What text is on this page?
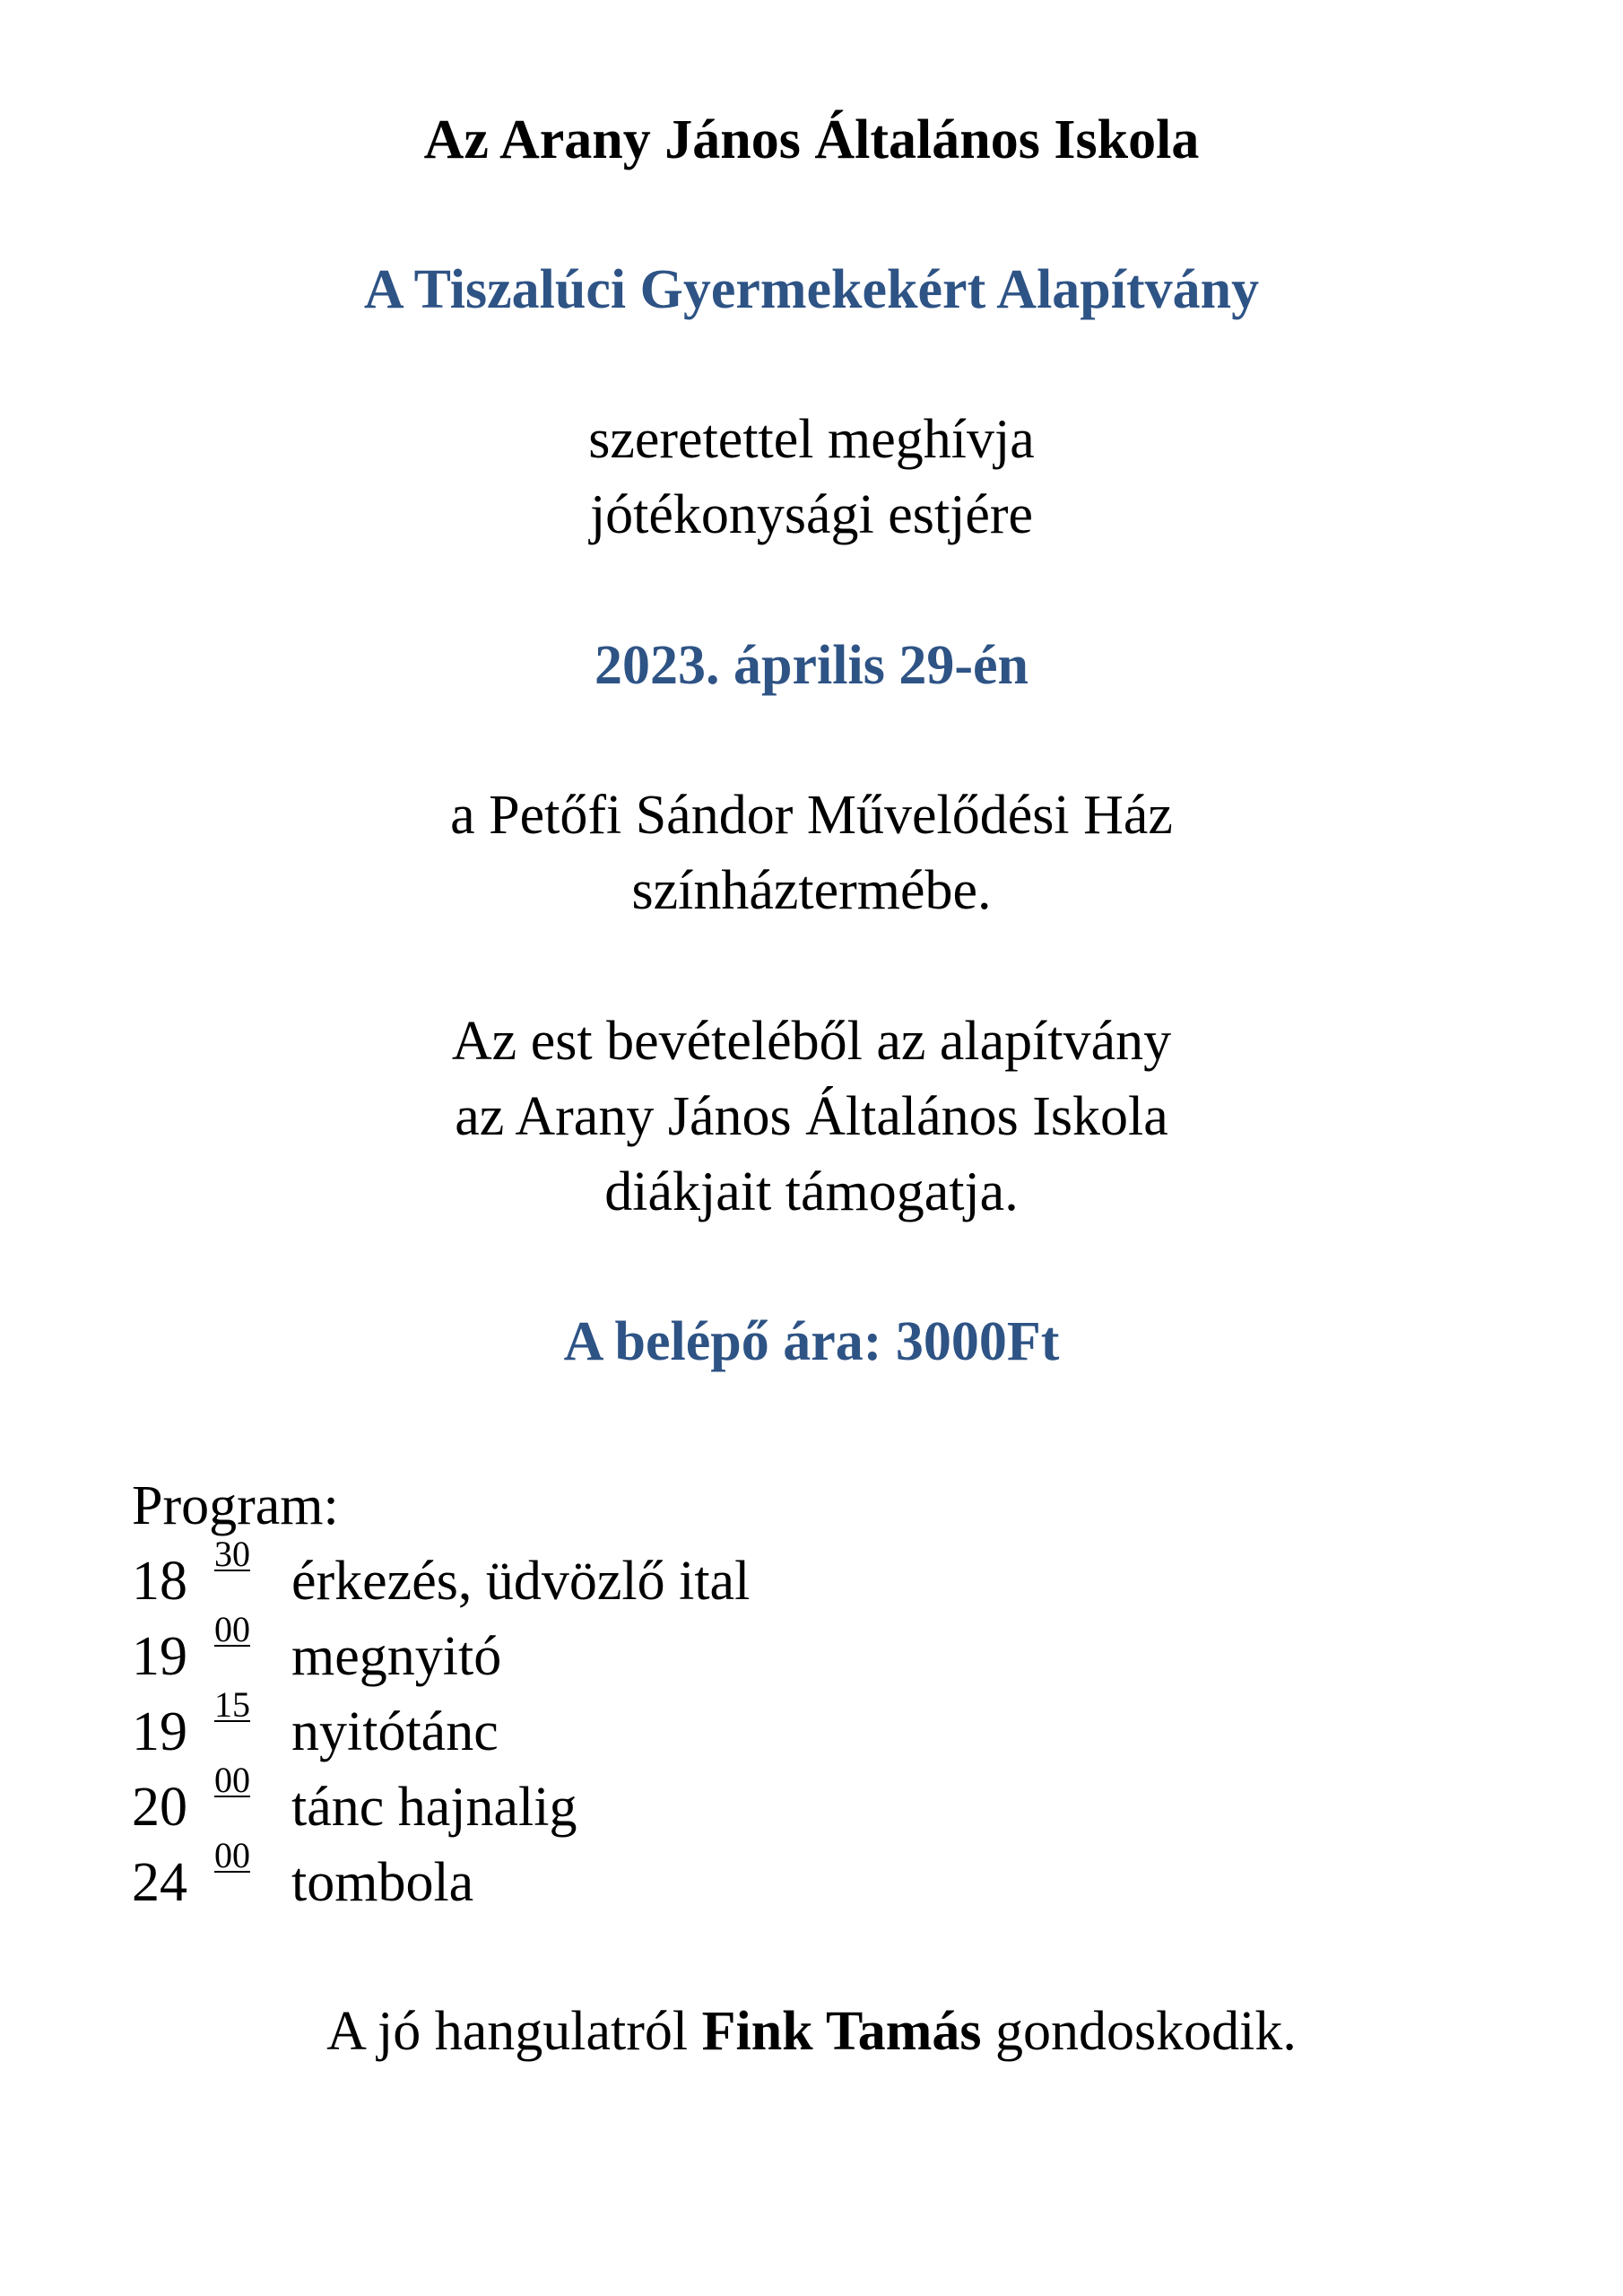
Az Arany János Általános Iskola
A Tiszalúci Gyermekekért Alapítvány
szeretettel meghívja
jótékonysági estjére
2023. április 29-én
a Petőfi Sándor Művelődési Ház
színháztermébe.
Az est bevételéből az alapítvány
az Arany János Általános Iskola
diákjait támogatja.
A belépő ára: 3000Ft
Program:
18 30 érkezés, üdvözlő ital
19 00 megnyitó
19 15 nyitótánc
20 00 tánc hajnalig
24 00 tombola
A jó hangulatról Fink Tamás gondoskodik.
